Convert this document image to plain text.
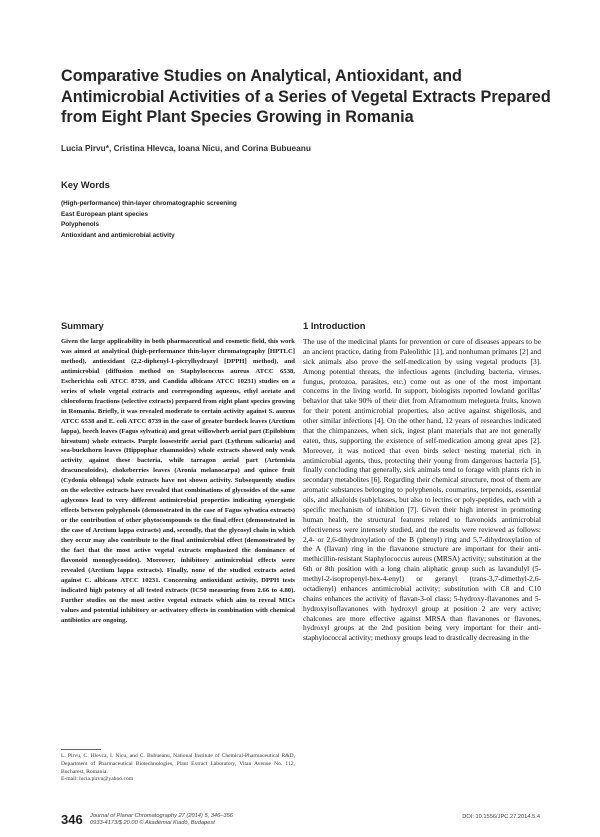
Comparative Studies on Analytical, Antioxidant, and Antimicrobial Activities of a Series of Vegetal Extracts Prepared from Eight Plant Species Growing in Romania

Lucia Pirvu*, Cristina Hlevca, Ioana Nicu, and Corina Bubueanu

Key Words
(High-performance) thin-layer chromatographic screening
East European plant species
Polyphenols
Antioxidant and antimicrobial activity
Summary

Given the large applicability in both pharmaceutical and cosmetic field, this work was aimed at analytical (high-performance thin-layer chromatography [HPTLC] method), antioxidant (2,2-diphenyl-1-picrylhydrazyl [DPPH] method), and antimicrobial (diffusion method on Staphylococcus aureus ATCC 6538, Escherichia coli ATCC 8739, and Candida albicans ATCC 10231) studies on a series of whole vegetal extracts and corresponding aqueous, ethyl acetate and chloroform fractions (selective extracts) prepared from eight plant species growing in Romania. Briefly, it was revealed moderate to certain activity against S. aureus ATCC 6538 and E. coli ATCC 8739 in the case of greater burdock leaves (Arctium lappa), beech leaves (Fagus sylvatica) and great willowherb aerial part (Epilobium hirsutum) whole extracts. Purple loosestrife aerial part (Lythrum salicaria) and sea-buckthorn leaves (Hippophae rhamnoides) whole extracts showed only weak activity against these bacteria, while tarragon aerial part (Artemisia dracunculoides), chokeberries leaves (Aronia melanocarpa) and quince fruit (Cydonia oblonga) whole extracts have not shown activity. Subsequently studies on the selective extracts have revealed that combinations of glycosides of the same aglycones lead to very different antimicrobial properties indicating synergistic effects between polyphenols (demonstrated in the case of Fagus sylvatica extracts) or the contribution of other phytocompounds to the final effect (demonstrated in the case of Arctium lappa extracts) and, secondly, that the glycosyl chain in which they occur may also contribute to the final antimicrobial effect (demonstrated by the fact that the most active vegetal extracts emphasized the dominance of flavonoid monoglycosides). Moreover, inhibitory antimicrobial effects were revealed (Arctium lappa extracts). Finally, none of the studied extracts acted against C. albicans ATCC 10231. Concerning antioxidant activity, DPPH tests indicated high potency of all tested extracts (IC50 measuring from 2.66 to 4.80). Further studies on the most active vegetal extracts which aim to reveal MICs values and potential inhibitory or activatory effects in combination with chemical antibiotics are ongoing.

1 Introduction

The use of the medicinal plants for prevention or cure of diseases appears to be an ancient practice, dating from Paleolithic [1], and nonhuman primates [2] and sick animals also prove the self-medication by using vegetal products [3]. Among potential threats, the infectious agents (including bacteria, viruses, fungus, protozoa, parasites, etc.) come out as one of the most important concerns in the living world. In support, biologists reported lowland gorillas' behavior that take 90% of their diet from Aframomum melegueta fruits, known for their potent antimicrobial properties, also active against shigellosis, and other similar infections [4]. On the other hand, 12 years of researches indicated that the chimpanzees, when sick, ingest plant materials that are not generally eaten, thus, supporting the existence of self-medication among great apes [2]. Moreover, it was noticed that even birds select nesting material rich in antimicrobial agents, thus, protecting their young from dangerous bacteria [5], finally concluding that generally, sick animals tend to forage with plants rich in secondary metabolites [6]. Regarding their chemical structure, most of them are aromatic substances belonging to polyphenols, coumarins, terpenoids, essential oils, and alkaloids (sub)classes, but also to lectins or poly-peptides, each with a specific mechanism of inhibition [7]. Given their high interest in promoting human health, the structural features related to flavonoids antimicrobial effectiveness were intensely studied, and the results were reviewed as follows: 2,4- or 2,6-dihydroxylation of the B (phenyl) ring and 5,7-dihydroxylation of the A (flavan) ring in the flavanone structure are important for their anti-methicillin-resistant Staphylococcus aureus (MRSA) activity; substitution at the 6th or 8th position with a long chain aliphatic group such as lavandulyl (5-methyl-2-isopropenyl-hex-4-enyl) or geranyl (trans-3,7-dimethyl-2,6-octadienyl) enhances antimicrobial activity; substitution with C8 and C10 chains enhances the activity of flavan-3-ol class; 5-hydroxy-flavanones and 5-hydroxyisoflavanones with hydroxyl group at position 2 are very active; chalcones are more effective against MRSA than flavanones or flavones, hydroxyl groups at the 2nd position being very important for their anti-staphylococcal activity; methoxy groups lead to drastically decreasing in the

L. Pirvu, C. Hlevca, I. Nicu, and C. Bubueanu, National Institute of Chemical-Pharmaceutical R&D, Department of Pharmaceutical Biotechnologies, Plant Extract Laboratory, Vitan Avenue No. 112, Bucharest, Romania.
E-mail: lucia.pirvu@yahoo.com

346 Journal of Planar Chromatography 27 (2014) 5, 346–356
0933-4173/$ 20.00 © Akadémiai Kiadó, Budapest

DOI: 10.1556/JPC.27.2014.5.4
